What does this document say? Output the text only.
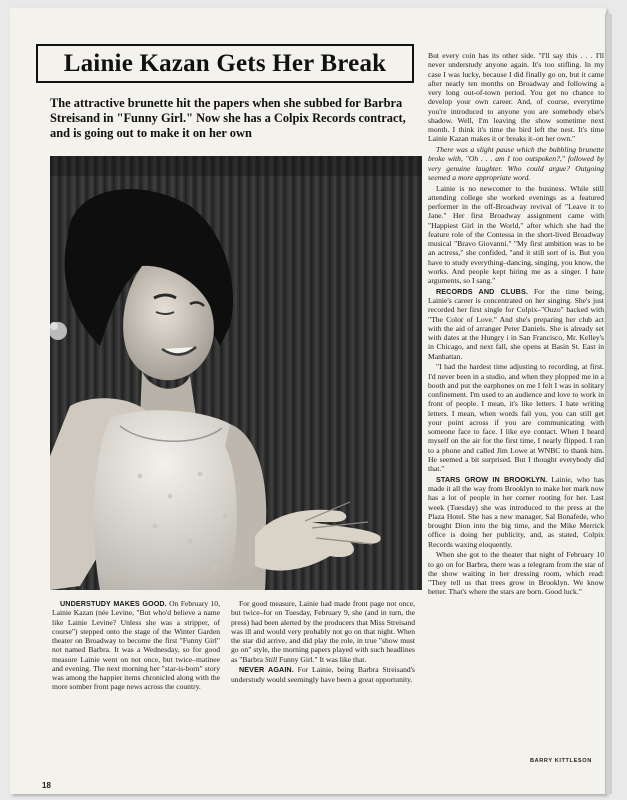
Lainie Kazan Gets Her Break
The attractive brunette hit the papers when she subbed for Barbra Streisand in "Funny Girl." Now she has a Colpix Records contract, and is going out to make it on her own

UNDERSTUDY MAKES GOOD. On February 10, Lainie Kazan (née Levine, "But who'd believe a name like Lainie Levine? Unless she was a stripper, of course") stepped onto the stage of the Winter Garden theater on Broadway to become the first "Funny Girl" not named Barbra. It was a Wednesday, so for good measure Lainie went on not once, but twice–matinee and evening. The next morning her "star-is-born" story was among the happier items chronicled along with the more somber front page news across the country.

For good measure, Lainie had made front page not once, but twice–for on Tuesday, February 9, she (and in turn, the press) had been alerted by the producers that Miss Streisand was ill and would very probably not go on that night. When the star did arrive, and did play the role, in true "show must go on" style, the morning papers played with such headlines as "Barbra Still Funny Girl." It was like that.

NEVER AGAIN. For Lainie, being Barbra Streisand's understudy would seemingly have been a great opportunity.

But every coin has its other side. "I'll say this . . . I'll never understudy anyone again. It's too stifling. In my case I was lucky, because I did finally go on, but it came after nearly ten months on Broadway and following a very long out-of-town period. You get no chance to develop your own career. And, of course, everytime you're introduced to anyone you are somebody else's shadow. Well, I'm leaving the show sometime next month. I think it's time the bird left the nest. It's time Lainie Kazan makes it or breaks it–on her own."

There was a slight pause which the bubbling brunette broke with, "Oh . . . am I too outspoken?," followed by very genuine laughter. Who could argue? Outgoing seemed a more appropriate word.

Lainie is no newcomer to the business. While still attending college she worked evenings as a featured performer in the off-Broadway revival of "Leave it to Jane." Her first Broadway assignment came with "Happiest Girl in the World," after which she had the feature role of the Contessa in the short-lived Broadway musical "Bravo Giovanni." "My first ambition was to be an actress," she confided, "and it still sort of is. But you have to study everything–dancing, singing, you know, the works. And people kept hiring me as a singer. I hate arguments, so I sang."

RECORDS AND CLUBS. For the time being, Lainie's career is concentrated on her singing. She's just recorded her first single for Colpix–"Ouzo" backed with "The Color of Love." And she's preparing her club act with the aid of arranger Peter Daniels. She is already set with dates at the Hungry i in San Francisco, Mr. Kelley's in Chicago, and next fall, she opens at Basin St. East in Manhattan.

"I had the hardest time adjusting to recording, at first. I'd never been in a studio, and when they plopped me in a booth and put the earphones on me I felt I was in solitary confinement. I'm used to an audience and love to work in front of people. I mean, it's like letters. I hate writing letters. I mean, when words fail you, you can still get your point across if you are communicating with someone face to face. I like eye contact. When I heard myself on the air for the first time, I nearly flipped. I ran to a phone and called Jim Lowe at WNBC to thank him. He seemed a bit surprised. But I thought everybody did that."

STARS GROW IN BROOKLYN. Lainie, who has made it all the way from Brooklyn to make her mark now has a lot of people in her corner rooting for her. Last week (Tuesday) she was introduced to the press at the Plaza Hotel. She has a new manager, Sal Bonafede, who brought Dion into the big time, and the Mike Merrick office is doing her publicity, and, as stated, Colpix Records waxing eloquently.

When she got to the theater that night of February 10 to go on for Barbra, there was a telegram from the star of the show waiting in her dressing room, which read: "They tell us that trees grow in Brooklyn. We know better. That's where the stars are born. Good luck."

BARRY KITTLESON
18
